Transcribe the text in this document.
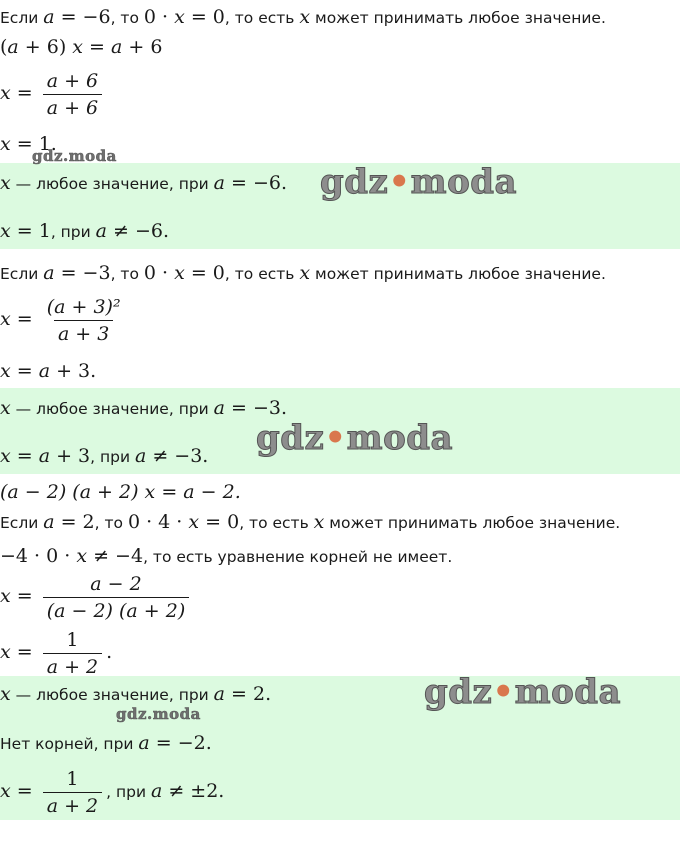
Если a = −6, то 0 · x = 0, то есть x может принимать любое значение.
(a + 6) x = a + 6
$x = \frac{a + 6}{a + 6}$
x = 1.
x — любое значение, при a = −6.
x = 1, при a ≠ −6.
Если a = −3, то 0 · x = 0, то есть x может принимать любое значение.
$x = \frac{\text{(a + 3)²}}{a + 3}$
x = a + 3.
x — любое значение, при a = −3.
x = a + 3, при a ≠ −3.
(a − 2) (a + 2) x = a − 2.
Если a = 2, то 0 · 4 · x = 0, то есть x может принимать любое значение.
−4 · 0 · x ≠ −4, то есть уравнение корней не имеет.
$x = \frac{a - 2}{(a - 2) (a + 2)}$
$x = \frac{1}{a + 2}$ .
x — любое значение, при a = 2.
Нет корней, при a = −2.
$x = \frac{1}{a + 2}$ , при a ≠ ±2.
gdz.moda
gdz•moda
gdz•moda
gdz•moda
gdz.moda
